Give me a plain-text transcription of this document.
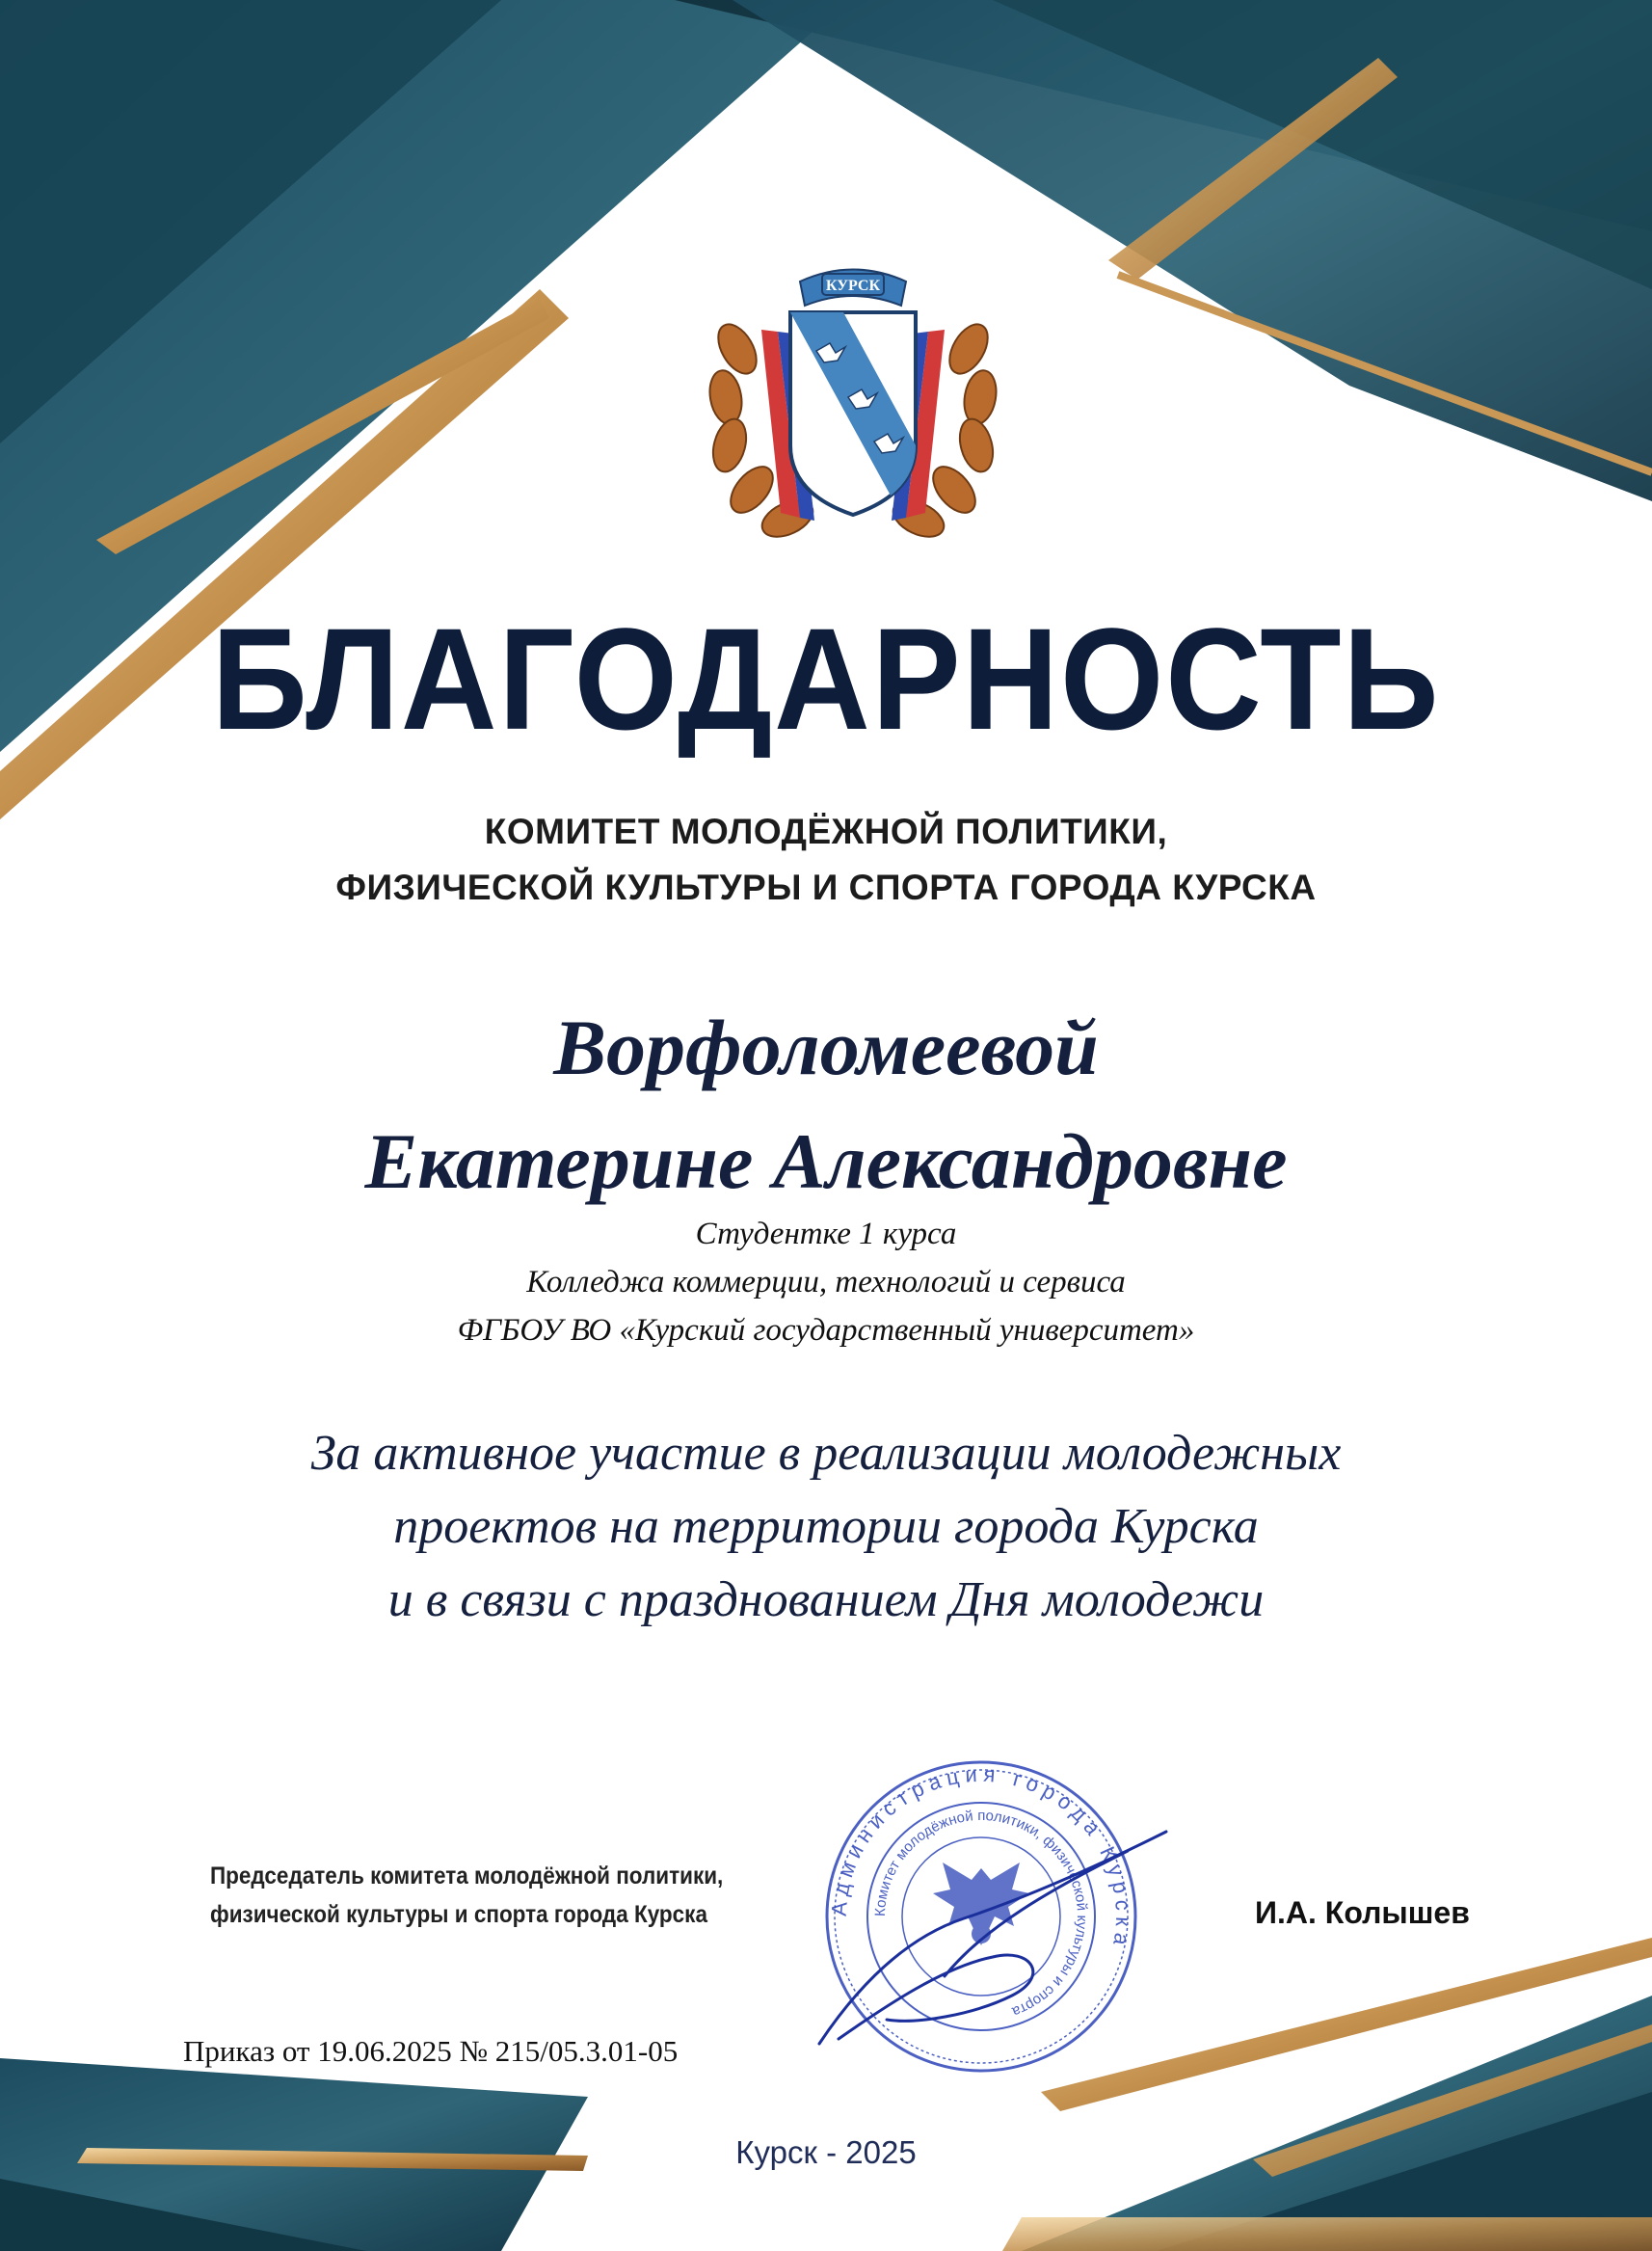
КУРСК
БЛАГОДАРНОСТЬ
КОМИТЕТ МОЛОДЁЖНОЙ ПОЛИТИКИ,
ФИЗИЧЕСКОЙ КУЛЬТУРЫ И СПОРТА ГОРОДА КУРСКА
Ворфоломеевой
Екатерине Александровне
Студентке 1 курса
Колледжа коммерции, технологий и сервиса
ФГБОУ ВО «Курский государственный университет»
За активное участие в реализации молодежных
проектов на территории города Курска
и в связи с празднованием Дня молодежи
Председатель комитета молодёжной политики,
физической культуры и спорта города Курска	Администрация города Курска
Комитет молодёжной политики, физической культуры и спорта
И.А. Колышев
Приказ от 19.06.2025 № 215/05.3.01-05
Курск - 2025
